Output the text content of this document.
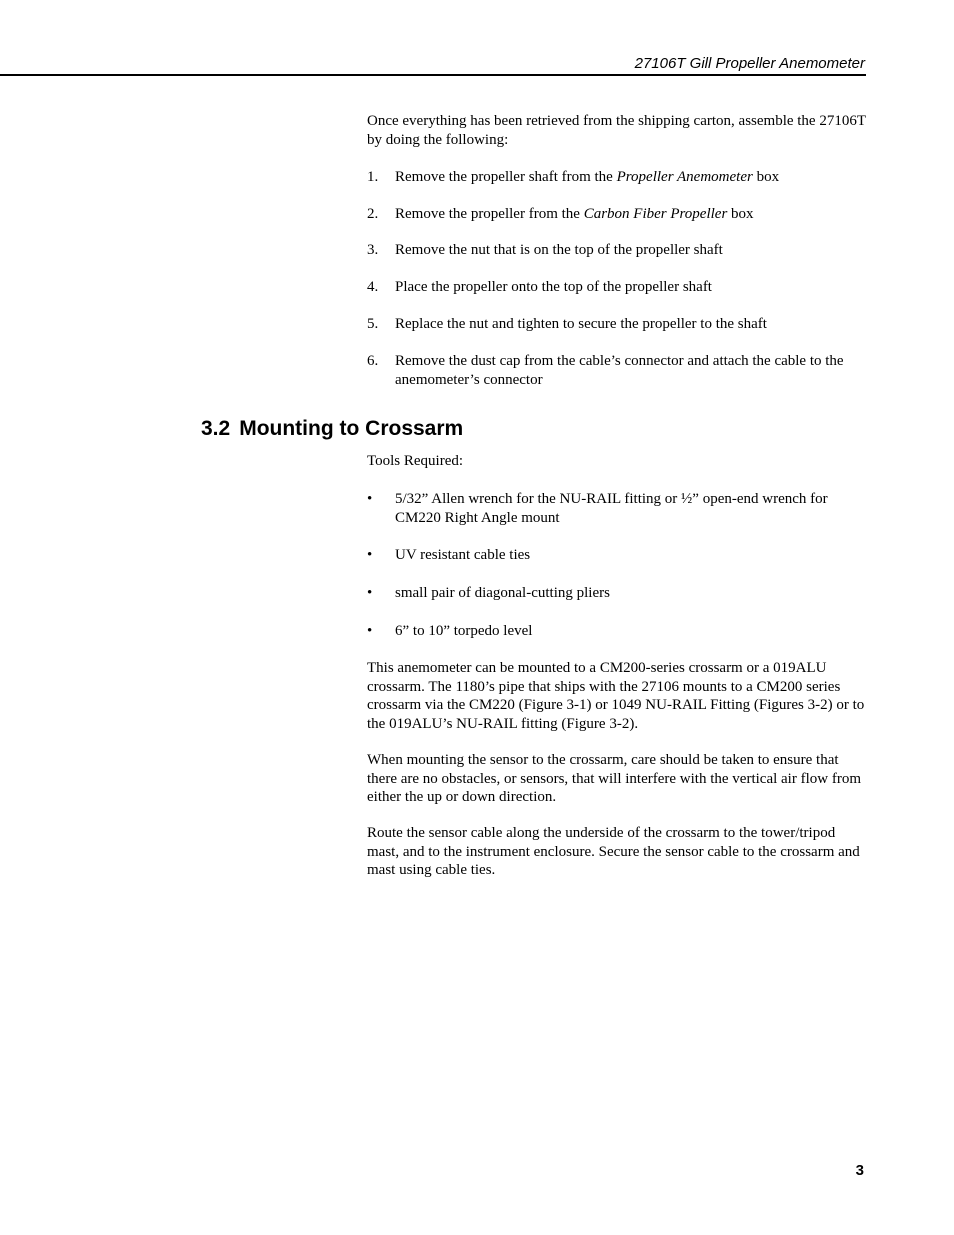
27106T Gill Propeller Anemometer
Once everything has been retrieved from the shipping carton, assemble the 27106T by doing the following:
1. Remove the propeller shaft from the Propeller Anemometer box
2. Remove the propeller from the Carbon Fiber Propeller box
3. Remove the nut that is on the top of the propeller shaft
4. Place the propeller onto the top of the propeller shaft
5. Replace the nut and tighten to secure the propeller to the shaft
6. Remove the dust cap from the cable’s connector and attach the cable to the anemometer’s connector
3.2 Mounting to Crossarm
Tools Required:
• 5/32” Allen wrench for the NU-RAIL fitting or ½” open-end wrench for CM220 Right Angle mount
• UV resistant cable ties
• small pair of diagonal-cutting pliers
• 6” to 10” torpedo level
This anemometer can be mounted to a CM200-series crossarm or a 019ALU crossarm. The 1180’s pipe that ships with the 27106 mounts to a CM200 series crossarm via the CM220 (Figure 3-1) or 1049 NU-RAIL Fitting (Figures 3-2) or to the 019ALU’s NU-RAIL fitting (Figure 3-2).
When mounting the sensor to the crossarm, care should be taken to ensure that there are no obstacles, or sensors, that will interfere with the vertical air flow from either the up or down direction.
Route the sensor cable along the underside of the crossarm to the tower/tripod mast, and to the instrument enclosure. Secure the sensor cable to the crossarm and mast using cable ties.
3
